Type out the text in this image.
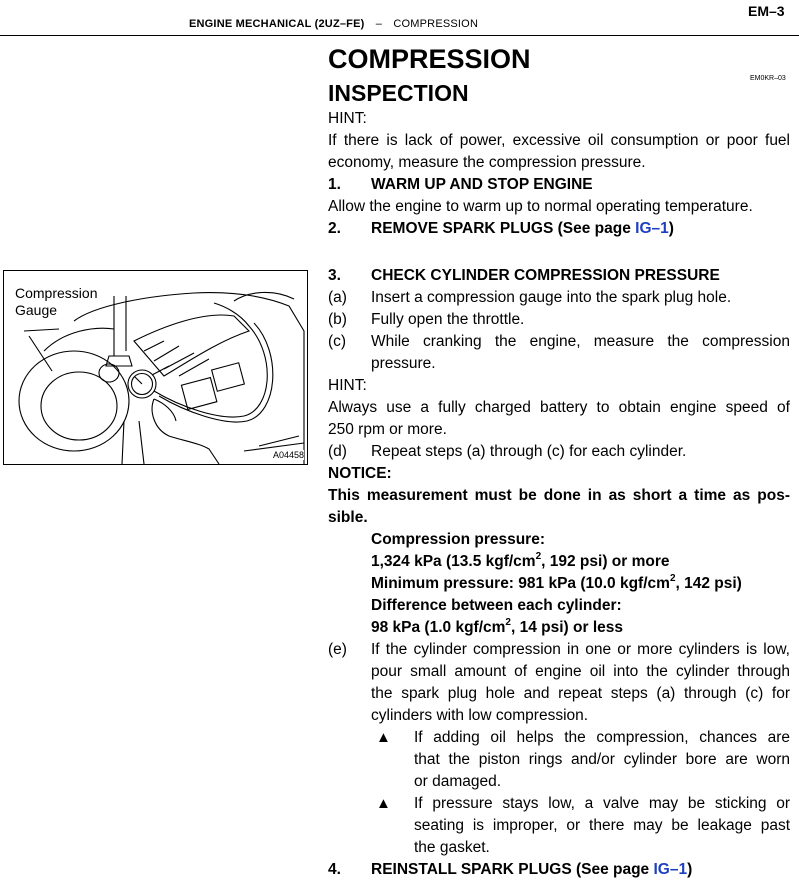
ENGINE MECHANICAL (2UZ–FE) – COMPRESSION
EM–3
COMPRESSION
INSPECTION
EM0KR–03
HINT:
If there is lack of power, excessive oil consumption or poor fuel
economy, measure the compression pressure.
1. WARM UP AND STOP ENGINE
Allow the engine to warm up to normal operating temperature.
2. REMOVE SPARK PLUGS (See page IG–1)
Compression
Gauge
A04458
3. CHECK CYLINDER COMPRESSION PRESSURE
(a) Insert a compression gauge into the spark plug hole.
(b) Fully open the throttle.
(c) While cranking the engine, measure the compression
pressure.
HINT:
Always use a fully charged battery to obtain engine speed of
250 rpm or more.
(d) Repeat steps (a) through (c) for each cylinder.
NOTICE:
This measurement must be done in as short a time as pos-
sible.
Compression pressure:
1,324 kPa (13.5 kgf/$cm^2$, 192 psi) or more
Minimum pressure: 981 kPa (10.0 kgf/$cm^2$, 142 psi)
Difference between each cylinder:
98 kPa (1.0 kgf/$cm^2$, 14 psi) or less
(e) If the cylinder compression in one or more cylinders is low,
pour small amount of engine oil into the cylinder through
the spark plug hole and repeat steps (a) through (c) for
cylinders with low compression.
▲ If adding oil helps the compression, chances are
that the piston rings and/or cylinder bore are worn
or damaged.
▲ If pressure stays low, a valve may be sticking or
seating is improper, or there may be leakage past
the gasket.
4. REINSTALL SPARK PLUGS (See page IG–1)
